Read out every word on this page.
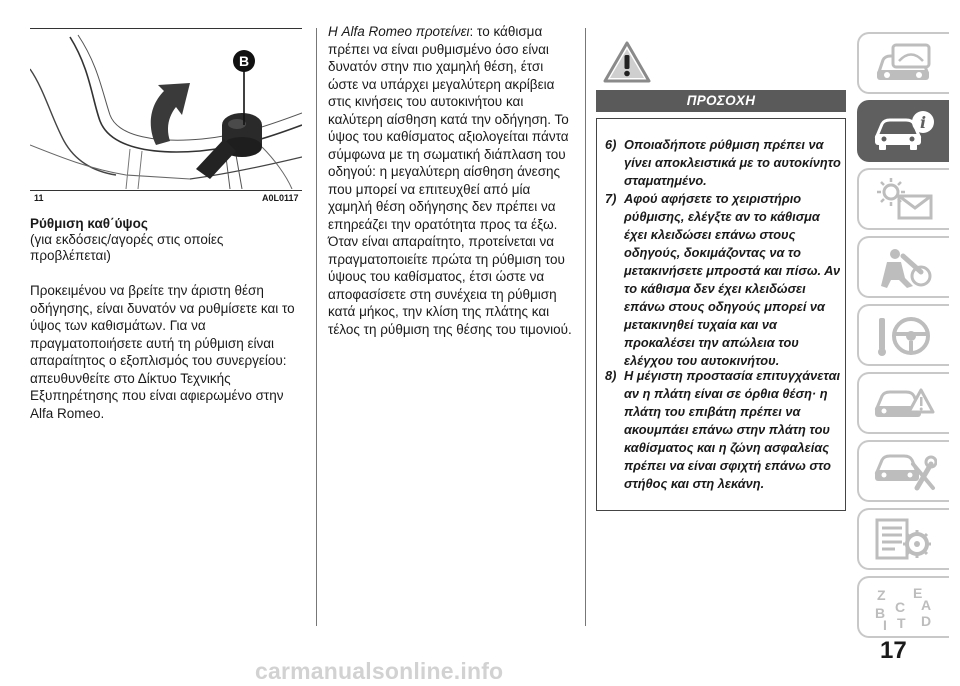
B
11	A0L0117
Ρύθμιση καθ΄ύψος
(για εκδόσεις/αγορές στις οποίες προβλέπεται)
Προκειμένου να βρείτε την άριστη θέση οδήγησης, είναι δυνατόν να ρυθμίσετε και το ύψος των καθισμάτων. Για να πραγματοποιήσετε αυτή τη ρύθμιση είναι απαραίτητος ο εξοπλισμός του συνεργείου: απευθυνθείτε στο Δίκτυο Τεχνικής Εξυπηρέτησης που είναι αφιερωμένο στην Alfa Romeo.
Η Alfa Romeo προτείνει: το κάθισμα πρέπει να είναι ρυθμισμένο όσο είναι δυνατόν στην πιο χαμηλή θέση, έτσι ώστε να υπάρχει μεγαλύτερη ακρίβεια στις κινήσεις του αυτοκινήτου και καλύτερη αίσθηση κατά την οδήγηση. Το ύψος του καθίσματος αξιολογείται πάντα σύμφωνα με τη σωματική διάπλαση του οδηγού: η μεγαλύτερη αίσθηση άνεσης που μπορεί να επιτευχθεί από μία χαμηλή θέση οδήγησης δεν πρέπει να επηρεάζει την ορατότητα προς τα έξω. Όταν είναι απαραίτητο, προτείνεται να πραγματοποιείτε πρώτα τη ρύθμιση του ύψους του καθίσματος, έτσι ώστε να αποφασίσετε στη συνέχεια τη ρύθμιση κατά μήκος, την κλίση της πλάτης και τέλος τη ρύθμιση της θέσης του τιμονιού.
ΠΡΟΣΟΧΗ
6) Οποιαδήποτε ρύθμιση πρέπει να γίνει αποκλειστικά με το αυτοκίνητο σταματημένο.
7) Αφού αφήσετε το χειριστήριο ρύθμισης, ελέγξτε αν το κάθισμα έχει κλειδώσει επάνω στους οδηγούς, δοκιμάζοντας να το μετακινήσετε μπροστά και πίσω. Αν το κάθισμα δεν έχει κλειδώσει επάνω στους οδηγούς μπορεί να μετακινηθεί τυχαία και να προκαλέσει την απώλεια του ελέγχου του αυτοκινήτου.
8) Η μέγιστη προστασία επιτυγχάνεται αν η πλάτη είναι σε όρθια θέση· η πλάτη του επιβάτη πρέπει να ακουμπάει επάνω στην πλάτη του καθίσματος και η ζώνη ασφαλείας πρέπει να είναι σφιχτή επάνω στο στήθος και στη λεκάνη.
i
Z E
A
B C
I T D
17
carmanualsonline.info
